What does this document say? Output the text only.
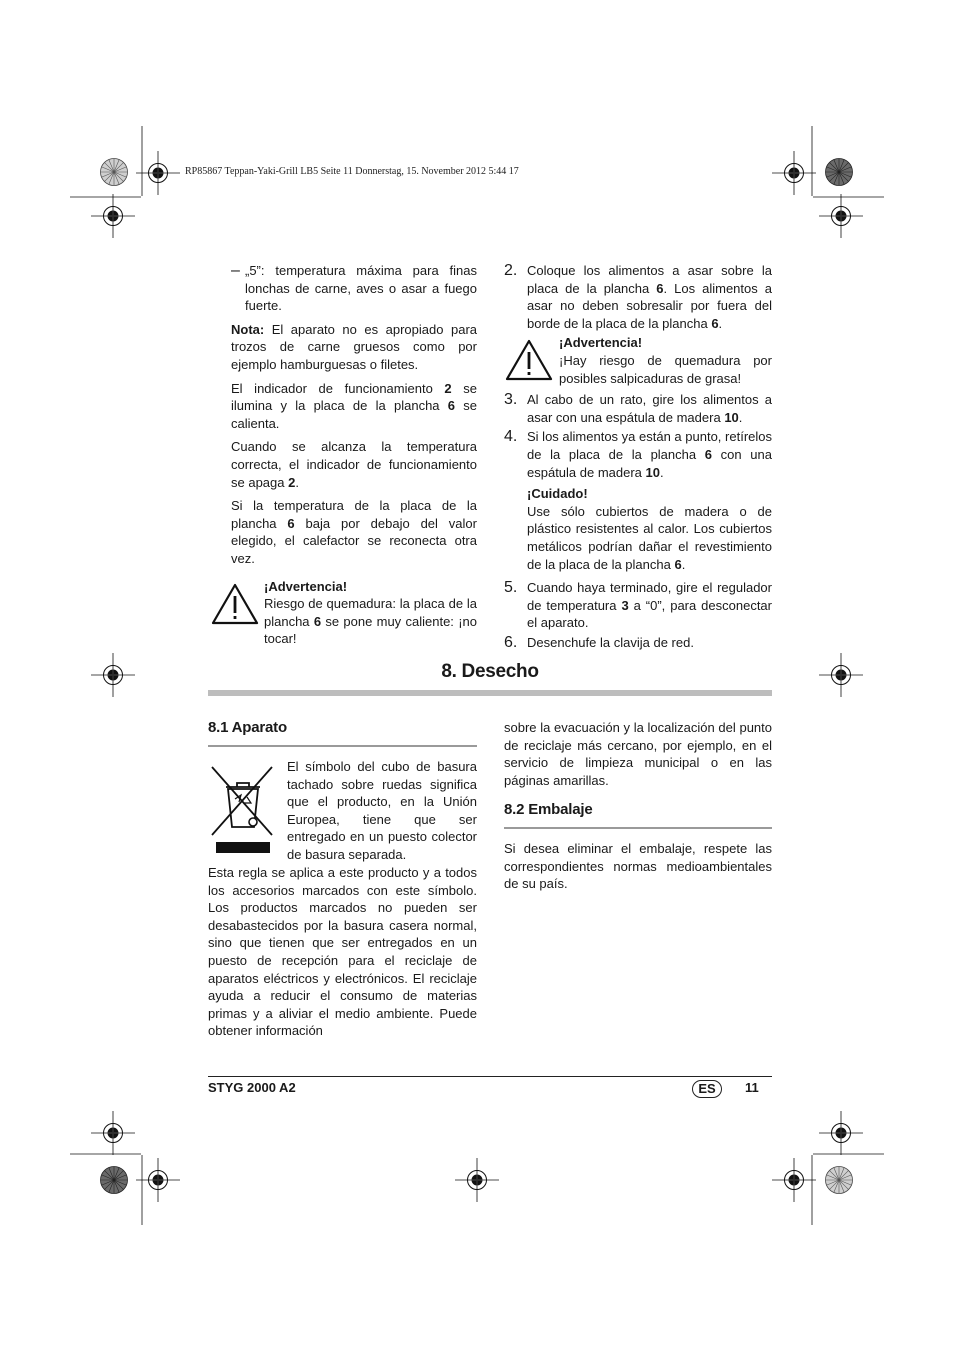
RP85867 Teppan-Yaki-Grill LB5 Seite 11 Donnerstag, 15. November 2012 5:44 17
– „5”: temperatura máxima para finas lonchas de carne, aves o asar a fuego fuerte.

Nota: El aparato no es apropiado para trozos de carne gruesos como por ejemplo hamburguesas o filetes.

El indicador de funcionamiento 2 se ilumina y la placa de la plancha 6 se calienta.

Cuando se alcanza la temperatura correcta, el indicador de funcionamiento se apaga 2.

Si la temperatura de la placa de la plancha 6 baja por debajo del valor elegido, el calefactor se reconecta otra vez.

¡Advertencia!

Riesgo de quemadura: la placa de la plancha 6 se pone muy caliente: ¡no tocar!

2. Coloque los alimentos a asar sobre la placa de la plancha 6. Los alimentos a asar no deben sobresalir por fuera del borde de la placa de la plancha 6.

¡Advertencia!

¡Hay riesgo de quemadura por posibles salpicaduras de grasa!

3. Al cabo de un rato, gire los alimentos a asar con una espátula de madera 10.

4. Si los alimentos ya están a punto, retírelos de la placa de la plancha 6 con una espátula de madera 10.

¡Cuidado!

Use sólo cubiertos de madera o de plástico resistentes al calor. Los cubiertos metálicos podrían dañar el revestimiento de la placa de la plancha 6.

5. Cuando haya terminado, gire el regulador de temperatura 3 a “0”, para desconectar el aparato.

6. Desenchufe la clavija de red.

8. Desecho
8.1 Aparato

El símbolo del cubo de basura tachado sobre ruedas significa que el producto, en la Unión Europea, tiene que ser entregado en un puesto colector de basura separada.

Esta regla se aplica a este producto y a todos los accesorios marcados con este símbolo. Los productos marcados no pueden ser desabastecidos por la basura casera normal, sino que tienen que ser entregados en un puesto de recepción para el reciclaje de aparatos eléctricos y electrónicos. El reciclaje ayuda a reducir el consumo de materias primas y a aliviar el medio ambiente. Puede obtener información

sobre la evacuación y la localización del punto de reciclaje más cercano, por ejemplo, en el servicio de limpieza municipal o en las páginas amarillas.

8.2 Embalaje

Si desea eliminar el embalaje, respete las correspondientes normas medioambientales de su país.

STYG 2000 A2	ES	11
